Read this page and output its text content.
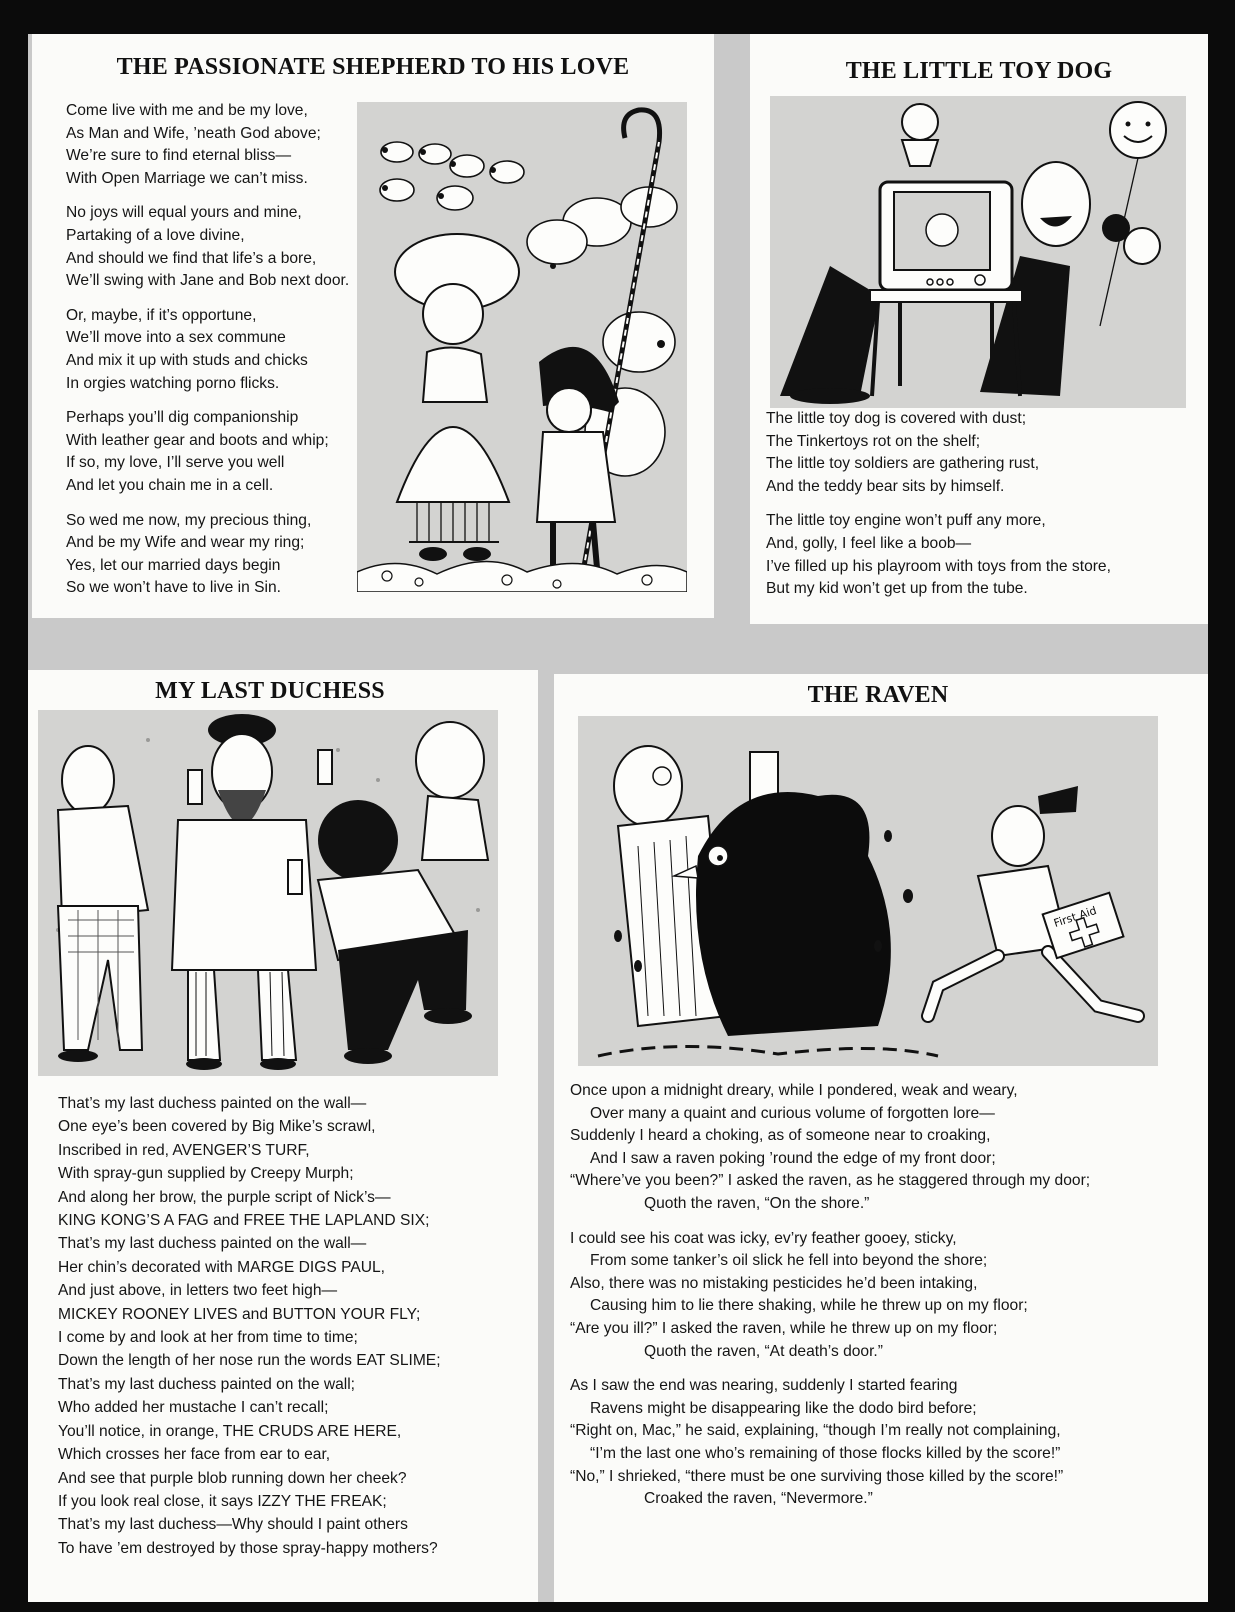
THE PASSIONATE SHEPHERD TO HIS LOVE
Come live with me and be my love,
As Man and Wife, ’neath God above;
We’re sure to find eternal bliss—
With Open Marriage we can’t miss.
No joys will equal yours and mine,
Partaking of a love divine,
And should we find that life’s a bore,
We’ll swing with Jane and Bob next door.
Or, maybe, if it’s opportune,
We’ll move into a sex commune
And mix it up with studs and chicks
In orgies watching porno flicks.
Perhaps you’ll dig companionship
With leather gear and boots and whip;
If so, my love, I’ll serve you well
And let you chain me in a cell.
So wed me now, my precious thing,
And be my Wife and wear my ring;
Yes, let our married days begin
So we won’t have to live in Sin.
THE LITTLE TOY DOG
The little toy dog is covered with dust;
The Tinkertoys rot on the shelf;
The little toy soldiers are gathering rust,
And the teddy bear sits by himself.
The little toy engine won’t puff any more,
And, golly, I feel like a boob—
I’ve filled up his playroom with toys from the store,
But my kid won’t get up from the tube.
MY LAST DUCHESS
That’s my last duchess painted on the wall—
One eye’s been covered by Big Mike’s scrawl,
Inscribed in red, AVENGER’S TURF,
With spray-gun supplied by Creepy Murph;
And along her brow, the purple script of Nick’s—
KING KONG’S A FAG and FREE THE LAPLAND SIX;
That’s my last duchess painted on the wall—
Her chin’s decorated with MARGE DIGS PAUL,
And just above, in letters two feet high—
MICKEY ROONEY LIVES and BUTTON YOUR FLY;
I come by and look at her from time to time;
Down the length of her nose run the words EAT SLIME;
That’s my last duchess painted on the wall;
Who added her mustache I can’t recall;
You’ll notice, in orange, THE CRUDS ARE HERE,
Which crosses her face from ear to ear,
And see that purple blob running down her cheek?
If you look real close, it says IZZY THE FREAK;
That’s my last duchess—Why should I paint others
To have ’em destroyed by those spray-happy mothers?
THE RAVEN
First Aid
Once upon a midnight dreary, while I pondered, weak and weary,
Over many a quaint and curious volume of forgotten lore—
Suddenly I heard a choking, as of someone near to croaking,
And I saw a raven poking ’round the edge of my front door;
“Where’ve you been?” I asked the raven, as he staggered through my door;
Quoth the raven, “On the shore.”
I could see his coat was icky, ev’ry feather gooey, sticky,
From some tanker’s oil slick he fell into beyond the shore;
Also, there was no mistaking pesticides he’d been intaking,
Causing him to lie there shaking, while he threw up on my floor;
“Are you ill?” I asked the raven, while he threw up on my floor;
Quoth the raven, “At death’s door.”
As I saw the end was nearing, suddenly I started fearing
Ravens might be disappearing like the dodo bird before;
“Right on, Mac,” he said, explaining, “though I’m really not complaining,
“I’m the last one who’s remaining of those flocks killed by the score!”
“No,” I shrieked, “there must be one surviving those killed by the score!”
Croaked the raven, “Nevermore.”
